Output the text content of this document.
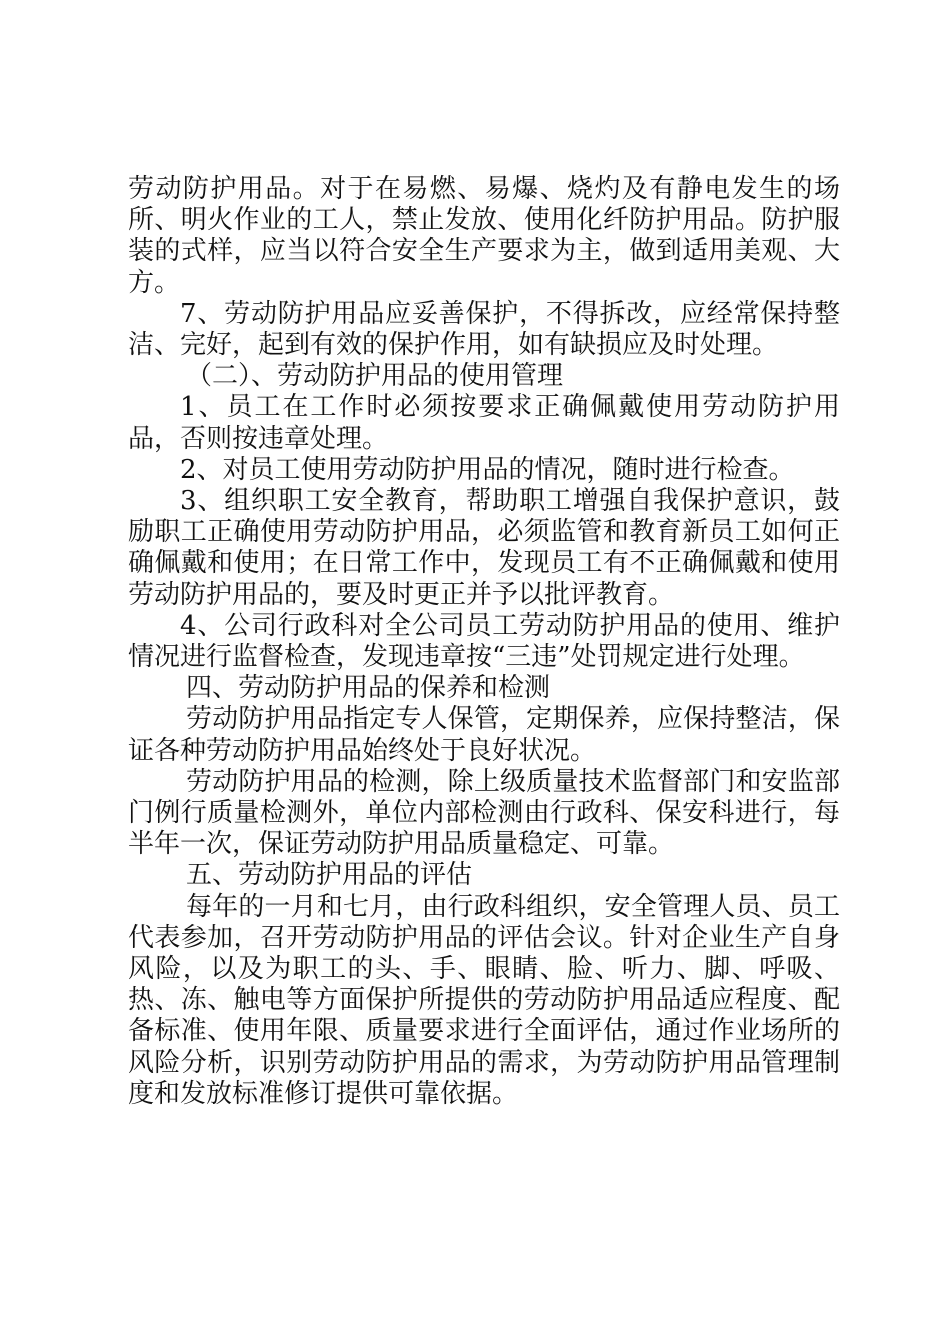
劳动防护用品。对于在易燃、易爆、烧灼及有静电发生的场所、明火作业的工人，禁止发放、使用化纤防护用品。防护服装的式样，应当以符合安全生产要求为主，做到适用美观、大方。

7、劳动防护用品应妥善保护，不得拆改，应经常保持整洁、完好，起到有效的保护作用，如有缺损应及时处理。

（二）、劳动防护用品的使用管理

1、员工在工作时必须按要求正确佩戴使用劳动防护用品，否则按违章处理。

2、对员工使用劳动防护用品的情况，随时进行检查。

3、组织职工安全教育，帮助职工增强自我保护意识，鼓励职工正确使用劳动防护用品，必须监管和教育新员工如何正确佩戴和使用；在日常工作中，发现员工有不正确佩戴和使用劳动防护用品的，要及时更正并予以批评教育。

4、公司行政科对全公司员工劳动防护用品的使用、维护情况进行监督检查，发现违章按“三违”处罚规定进行处理。

四、劳动防护用品的保养和检测

劳动防护用品指定专人保管，定期保养，应保持整洁，保证各种劳动防护用品始终处于良好状况。

劳动防护用品的检测，除上级质量技术监督部门和安监部门例行质量检测外，单位内部检测由行政科、保安科进行，每半年一次，保证劳动防护用品质量稳定、可靠。

五、劳动防护用品的评估

每年的一月和七月，由行政科组织，安全管理人员、员工代表参加，召开劳动防护用品的评估会议。针对企业生产自身风险，以及为职工的头、手、眼睛、脸、听力、脚、呼吸、热、冻、触电等方面保护所提供的劳动防护用品适应程度、配备标准、使用年限、质量要求进行全面评估，通过作业场所的风险分析，识别劳动防护用品的需求，为劳动防护用品管理制度和发放标准修订提供可靠依据。
